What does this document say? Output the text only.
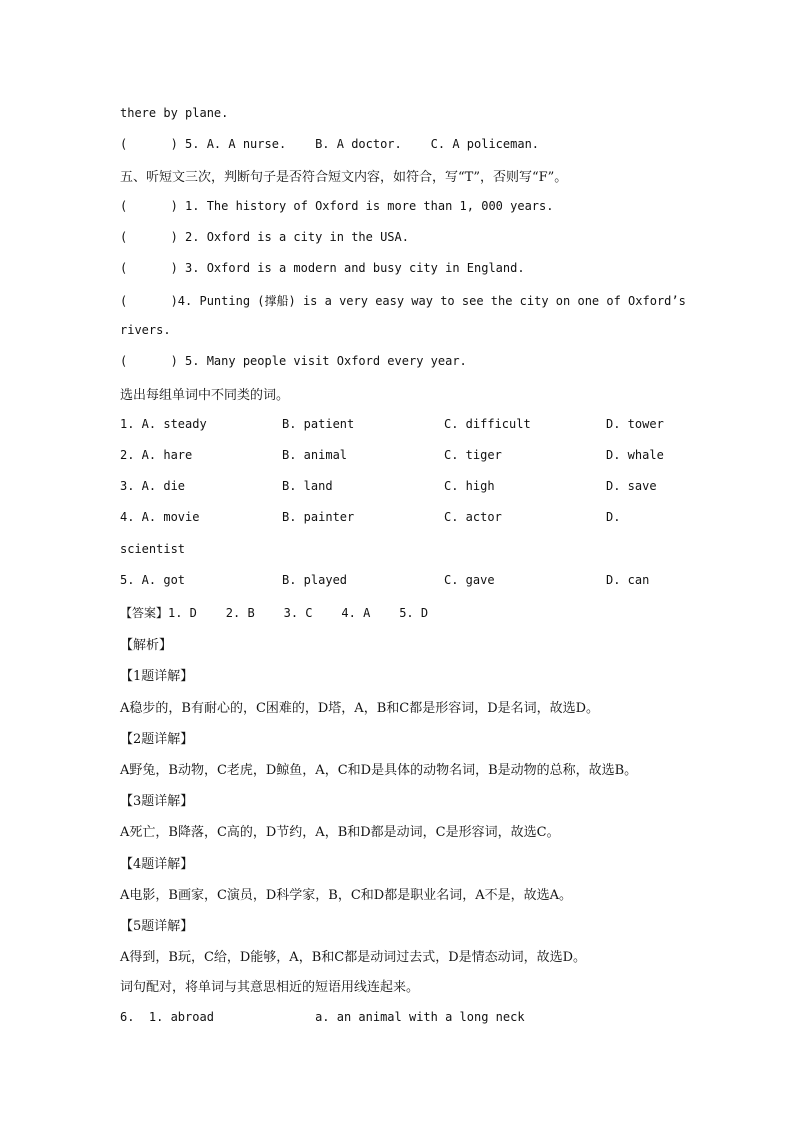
there by plane.
(      ) 5. A. A nurse.    B. A doctor.    C. A policeman.
五、听短文三次，判断句子是否符合短文内容，如符合，写“T”，否则写“F”。
(      ) 1. The history of Oxford is more than 1, 000 years.
(      ) 2. Oxford is a city in the USA.
(      ) 3. Oxford is a modern and busy city in England.
(      )4. Punting (撑船) is a very easy way to see the city on one of Oxford’s
rivers.
(      ) 5. Many people visit Oxford every year.
选出每组单词中不同类的词。
1. A. steady	B. patient	C. difficult	D. tower
2. A. hare	B. animal	C. tiger	D. whale
3. A. die	B. land	C. high	D. save
4. A. movie	B. painter	C. actor	D.
scientist
5. A. got	B. played	C. gave	D. can
【答案】1. D    2. B    3. C    4. A    5. D
【解析】
【1题详解】
A稳步的，B有耐心的，C困难的，D塔，A，B和C都是形容词，D是名词，故选D。
【2题详解】
A野兔，B动物，C老虎，D鲸鱼，A，C和D是具体的动物名词，B是动物的总称，故选B。
【3题详解】
A死亡，B降落，C高的，D节约，A，B和D都是动词，C是形容词，故选C。
【4题详解】
A电影，B画家，C演员，D科学家，B，C和D都是职业名词，A不是，故选A。
【5题详解】
A得到，B玩，C给，D能够，A，B和C都是动词过去式，D是情态动词，故选D。
词句配对，将单词与其意思相近的短语用线连起来。
6.  1. abroad              a. an animal with a long neck
